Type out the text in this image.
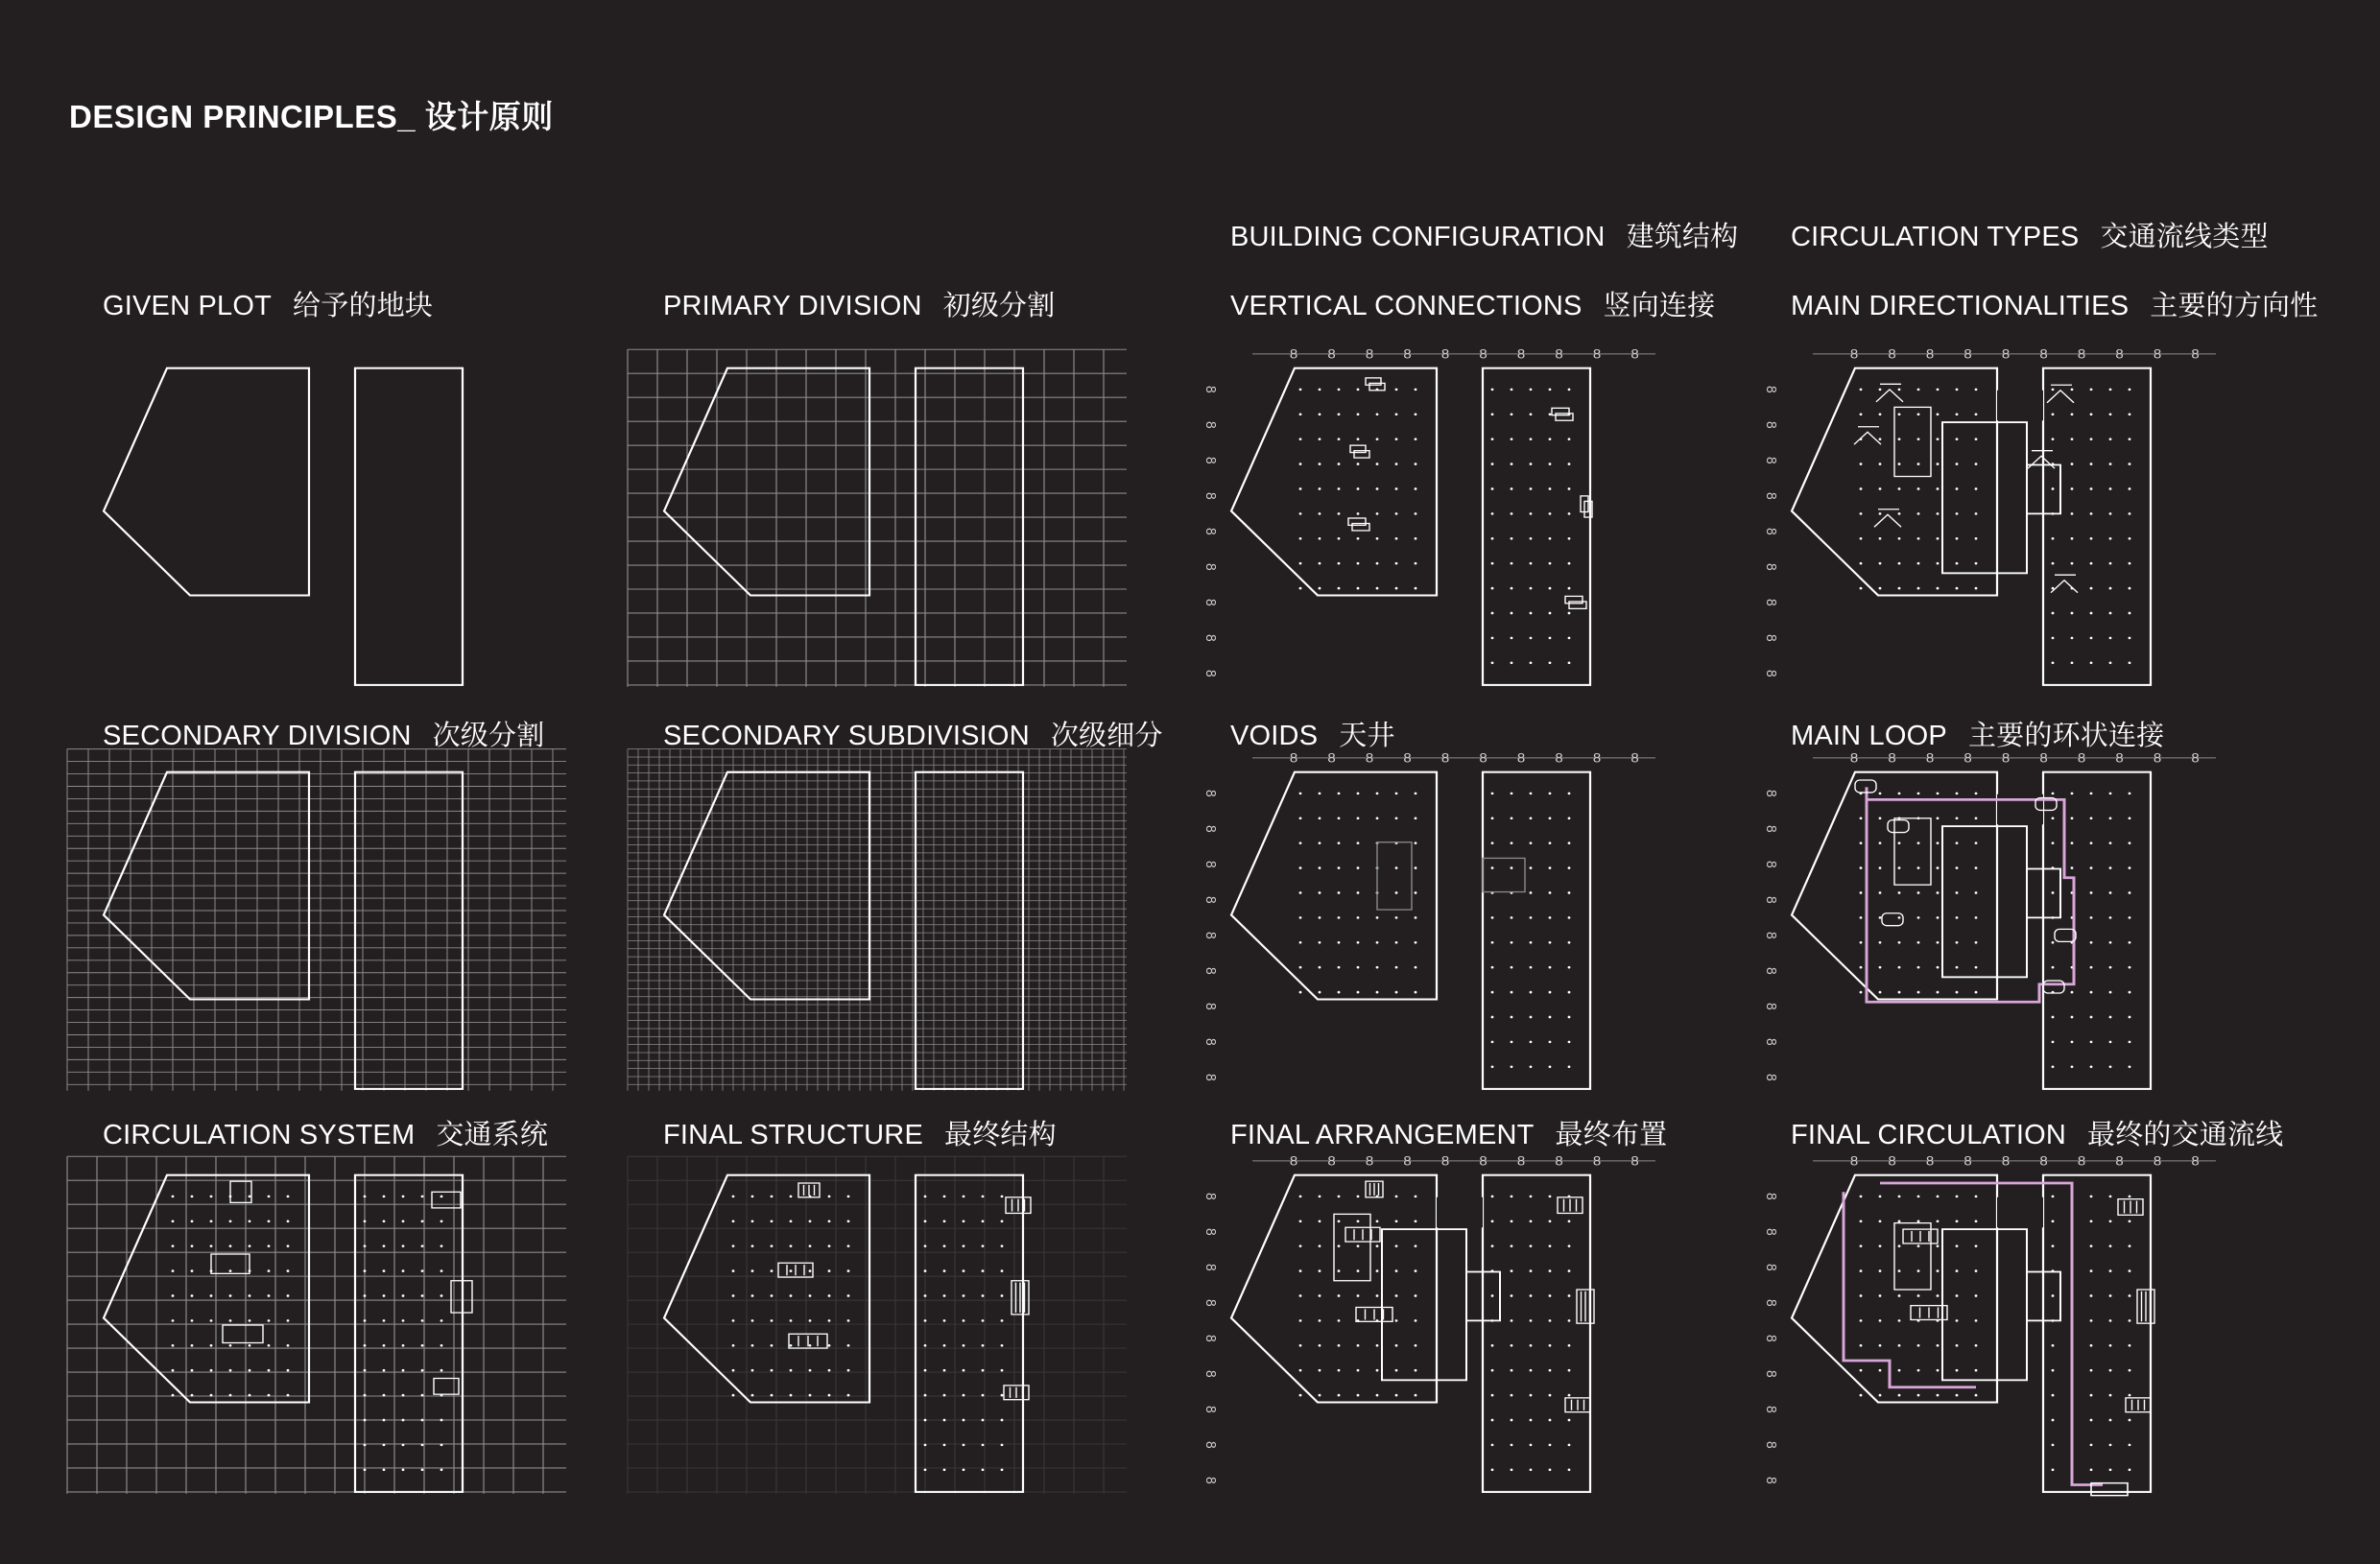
DESIGN PRINCIPLES_ 设计原则
BUILDING CONFIGURATION 建筑结构 CIRCULATION TYPES 交通流线类型
GIVEN PLOT 给予的地块	PRIMARY DIVISION 初级分割	VERTICAL CONNECTIONS 竖向连接	MAIN DIRECTIONALITIES 主要的方向性
SECONDARY DIVISION 次级分割	SECONDARY SUBDIVISION 次级细分 VOIDS 天井	MAIN LOOP 主要的环状连接
CIRCULATION SYSTEM 交通系统	FINAL STRUCTURE 最终结构	FINAL ARRANGEMENT 最终布置	FINAL CIRCULATION 最终的交通流线
8 8 8 8 8 8 8 8 8 8
8
8
8
8
8
8
8
8
8
8 8 8 8 8 8 8 8 8 8
8
8
8
8
8
8
8
8
8
8 8 8 8 8 8 8 8 8 8
8
8
8
8
8
8
8
8
8
8 8 8 8 8 8 8 8 8 8
8
8
8
8
8
8
8
8
8
8 8 8 8 8 8 8 8 8 8
8
8
8
8
8
8
8
8
8
8 8 8 8 8 8 8 8 8 8
8
8
8
8
8
8
8
8
8
